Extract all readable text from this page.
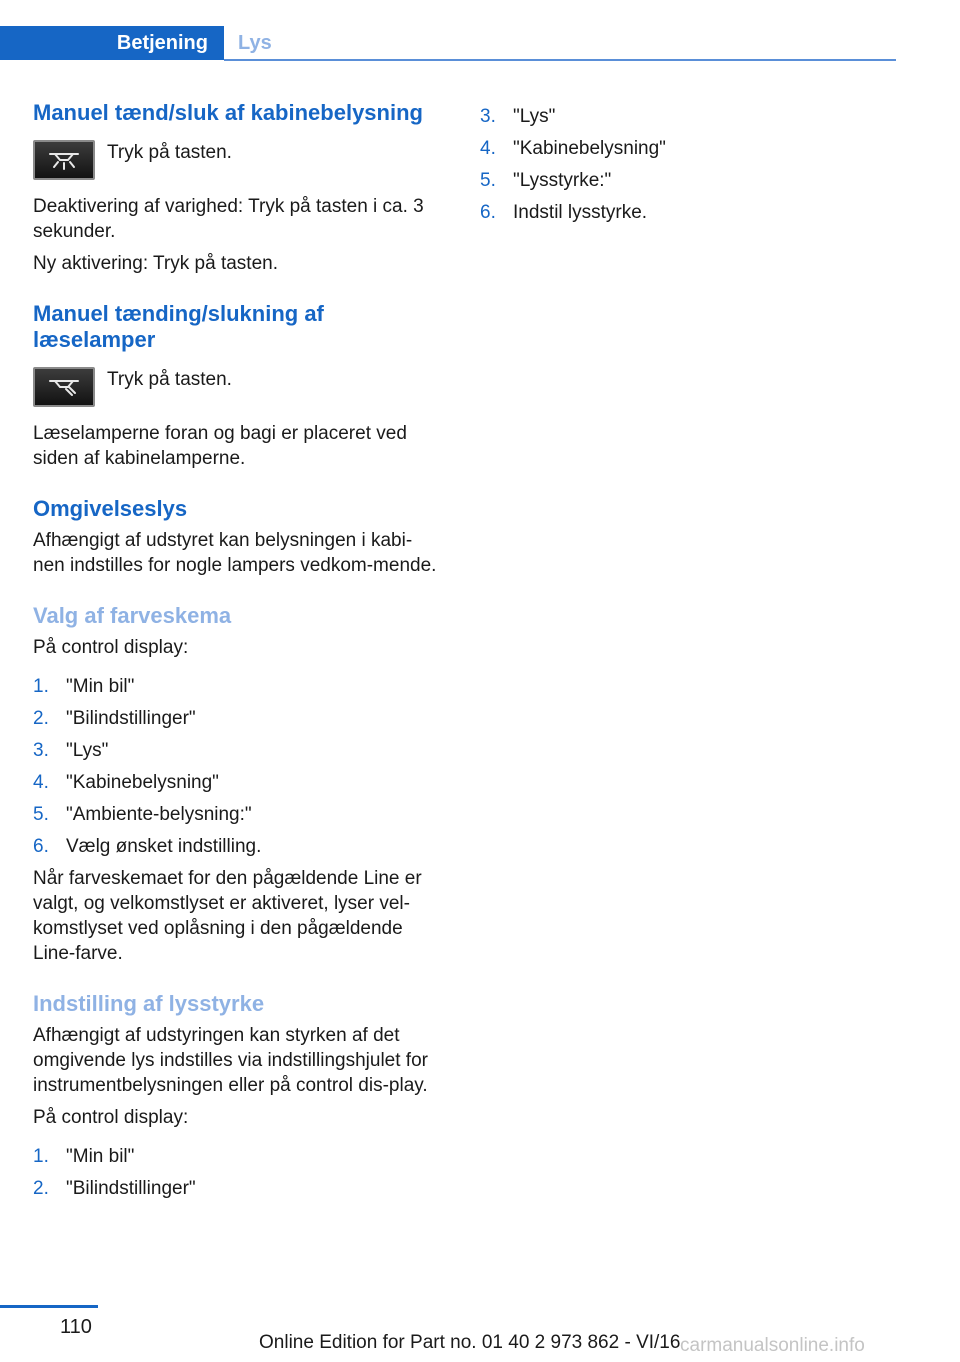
Betjening	Lys
Manuel tænd/sluk af kabinebelysning
Tryk på tasten.

Deaktivering af varighed: Tryk på tasten i ca. 3 sekunder.

Ny aktivering: Tryk på tasten.

Manuel tænding/slukning af læselamper
Tryk på tasten.

Læselamperne foran og bagi er placeret ved siden af kabinelamperne.

Omgivelseslys

Afhængigt af udstyret kan belysningen i kabi-nen indstilles for nogle lampers vedkom-mende.

Valg af farveskema

På control display:

1. "Min bil"
2. "Bilindstillinger"
3. "Lys"
4. "Kabinebelysning"
5. "Ambiente-belysning:"
6. Vælg ønsket indstilling.

Når farveskemaet for den pågældende Line er valgt, og velkomstlyset er aktiveret, lyser vel-komstlyset ved oplåsning i den pågældende Line-farve.

Indstilling af lysstyrke

Afhængigt af udstyringen kan styrken af det omgivende lys indstilles via indstillingshjulet for instrumentbelysningen eller på control dis-play.

På control display:

1. "Min bil"
2. "Bilindstillinger"
3. "Lys"
4. "Kabinebelysning"
5. "Lysstyrke:"
6. Indstil lysstyrke.
110
Online Edition for Part no. 01 40 2 973 862 - VI/16 carmanualsonline.info
